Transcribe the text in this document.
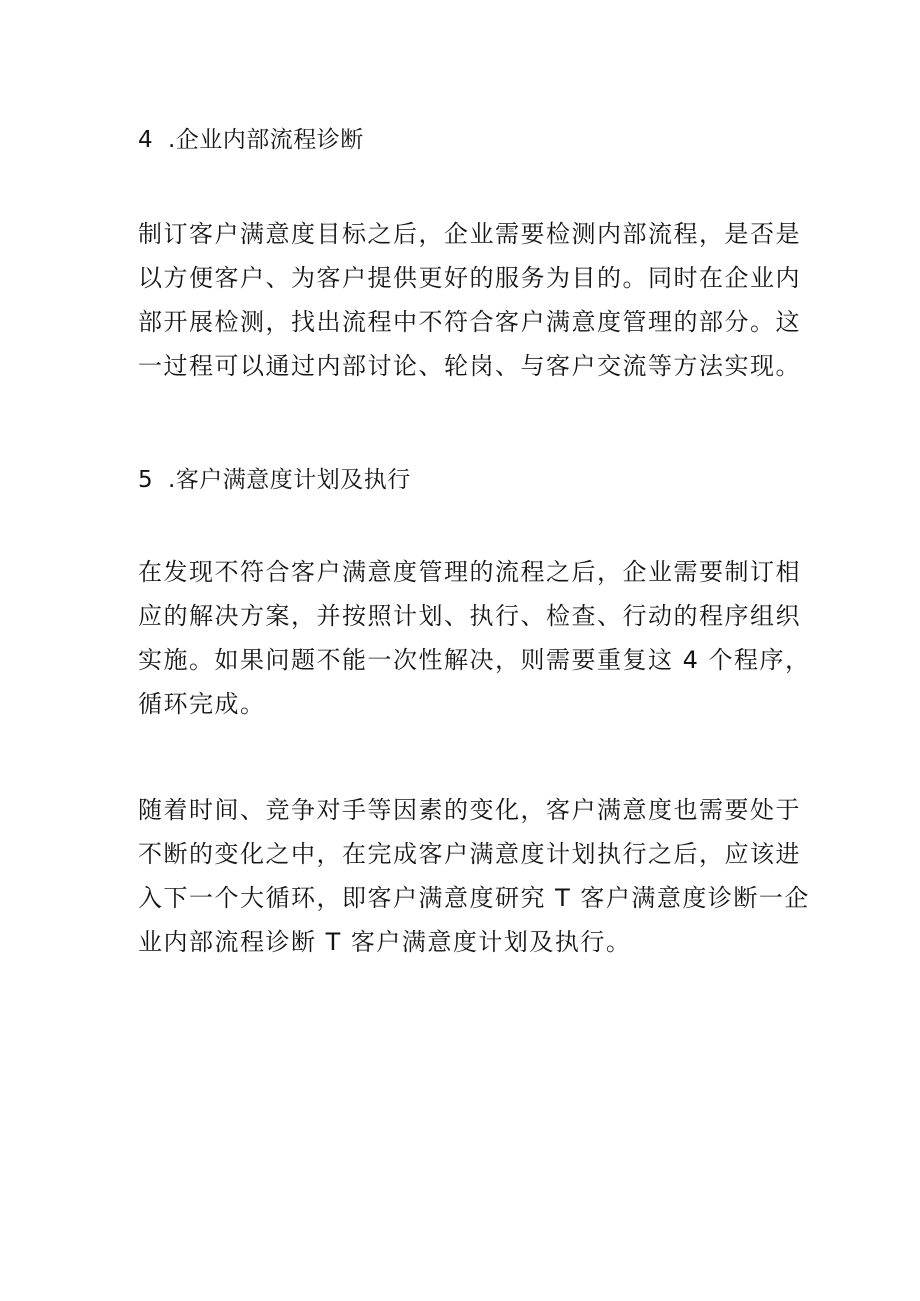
4 .企业内部流程诊断
制订客户满意度目标之后，企业需要检测内部流程，是否是
以方便客户、为客户提供更好的服务为目的。同时在企业内
部开展检测，找出流程中不符合客户满意度管理的部分。这
一过程可以通过内部讨论、轮岗、与客户交流等方法实现。
5 .客户满意度计划及执行
在发现不符合客户满意度管理的流程之后，企业需要制订相
应的解决方案，并按照计划、执行、检查、行动的程序组织
实施。如果问题不能一次性解决，则需要重复这 4 个程序，
循环完成。
随着时间、竞争对手等因素的变化，客户满意度也需要处于
不断的变化之中，在完成客户满意度计划执行之后，应该进
入下一个大循环，即客户满意度研究 T 客户满意度诊断一企
业内部流程诊断 T 客户满意度计划及执行。
